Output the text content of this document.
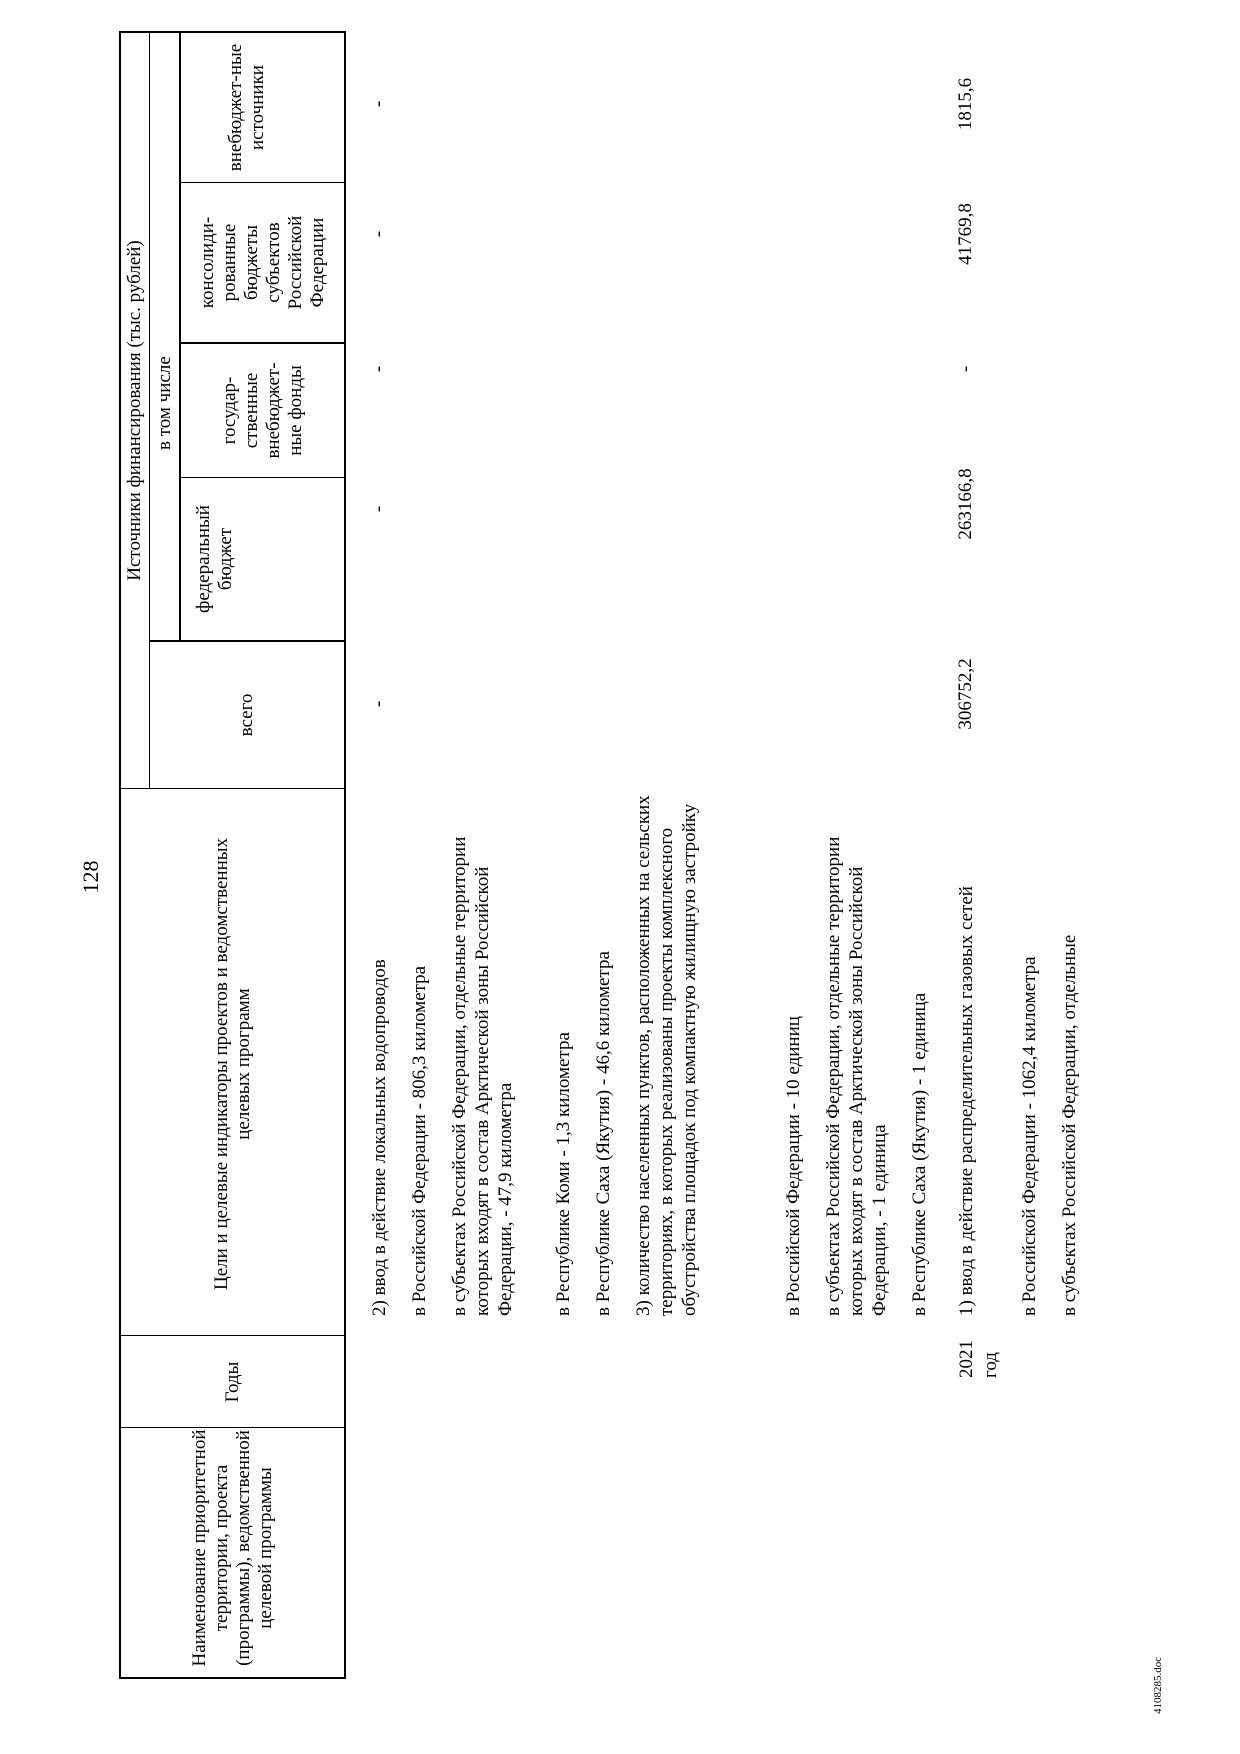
128
Наименование приоритетной территории, проекта (программы), ведомственной целевой программы
Годы
Цели и целевые индикаторы проектов и ведомственных целевых программ
Источники финансирования (тыс. рублей)
всего
в том числе
федеральный бюджет
государ-ственные внебюджет-ные фонды
консолиди-рованные бюджеты субъектов Российской Федерации
внебюджет-ные источники
2) ввод в действие локальных водопроводов в Российской Федерации - 806,3 километра в субъектах Российской Федерации, отдельные территории которых входят в состав Арктической зоны Российской Федерации, - 47,9 километра в Республике Коми - 1,3 километра в Республике Саха (Якутия) - 46,6 километра 3) количество населенных пунктов, расположенных на сельских территориях, в которых реализованы проекты комплексного обустройства площадок под компактную жилищную застройку	в Российской Федерации - 10 единиц в субъектах Российской Федерации, отдельные территории которых входят в состав Арктической зоны Российской Федерации, - 1 единица в Республике Саха (Якутия) - 1 единица
-
-
-
-
-
2021 год
1) ввод в действие распределительных газовых сетей в Российской Федерации - 1062,4 километра в субъектах Российской Федерации, отдельные
306752,2
263166,8
-
41769,8
1815,6
4108285.doc
